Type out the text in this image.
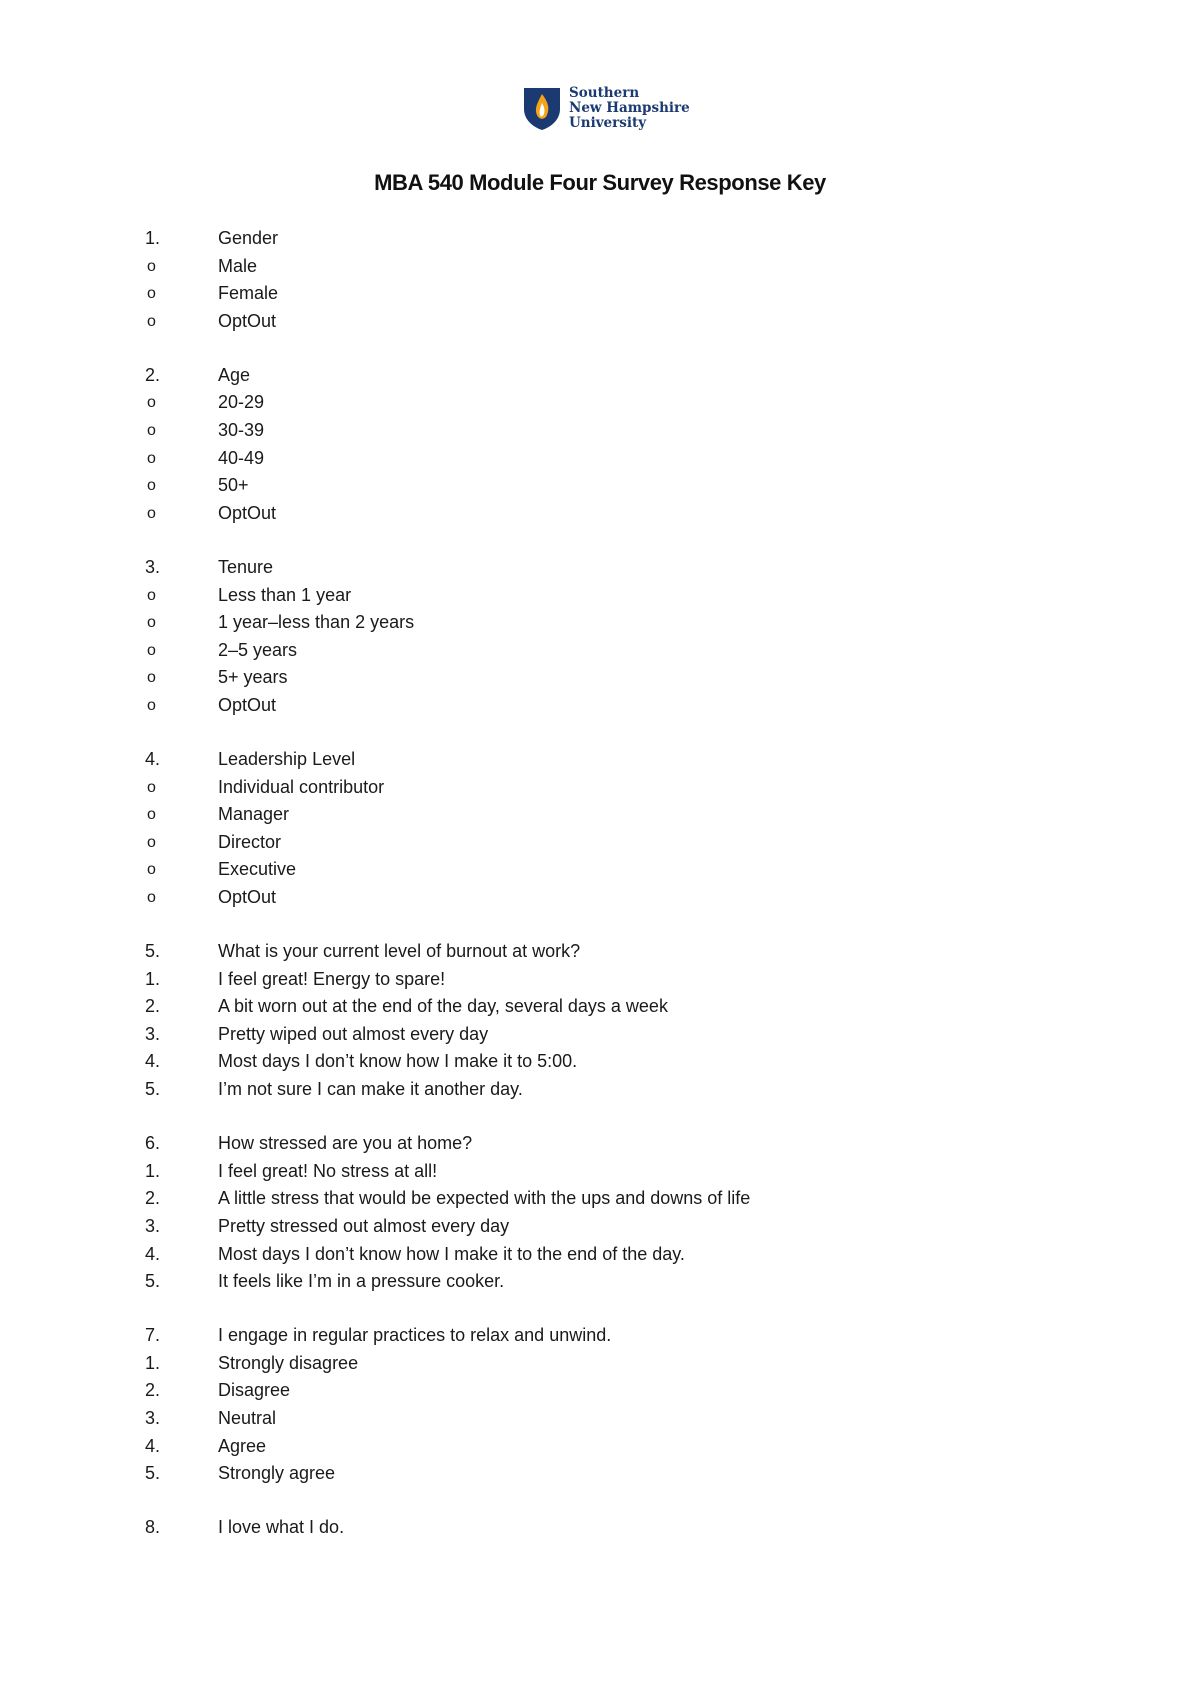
Southern
New Hampshire
University
MBA 540 Module Four Survey Response Key
1.	Gender
o	Male
o	Female
o	OptOut
2.	Age
o	20-29
o	30-39
o	40-49
o	50+
o	OptOut
3.	Tenure
o	Less than 1 year
o	1 year–less than 2 years
o	2–5 years
o	5+ years
o	OptOut
4.	Leadership Level
o	Individual contributor
o	Manager
o	Director
o	Executive
o	OptOut
5.	What is your current level of burnout at work?
1.	I feel great! Energy to spare!
2.	A bit worn out at the end of the day, several days a week
3.	Pretty wiped out almost every day
4.	Most days I don’t know how I make it to 5:00.
5.	I’m not sure I can make it another day.
6.	How stressed are you at home?
1.	I feel great! No stress at all!
2.	A little stress that would be expected with the ups and downs of life
3.	Pretty stressed out almost every day
4.	Most days I don’t know how I make it to the end of the day.
5.	It feels like I’m in a pressure cooker.
7.	I engage in regular practices to relax and unwind.
1.	Strongly disagree
2.	Disagree
3.	Neutral
4.	Agree
5.	Strongly agree
8.	I love what I do.
